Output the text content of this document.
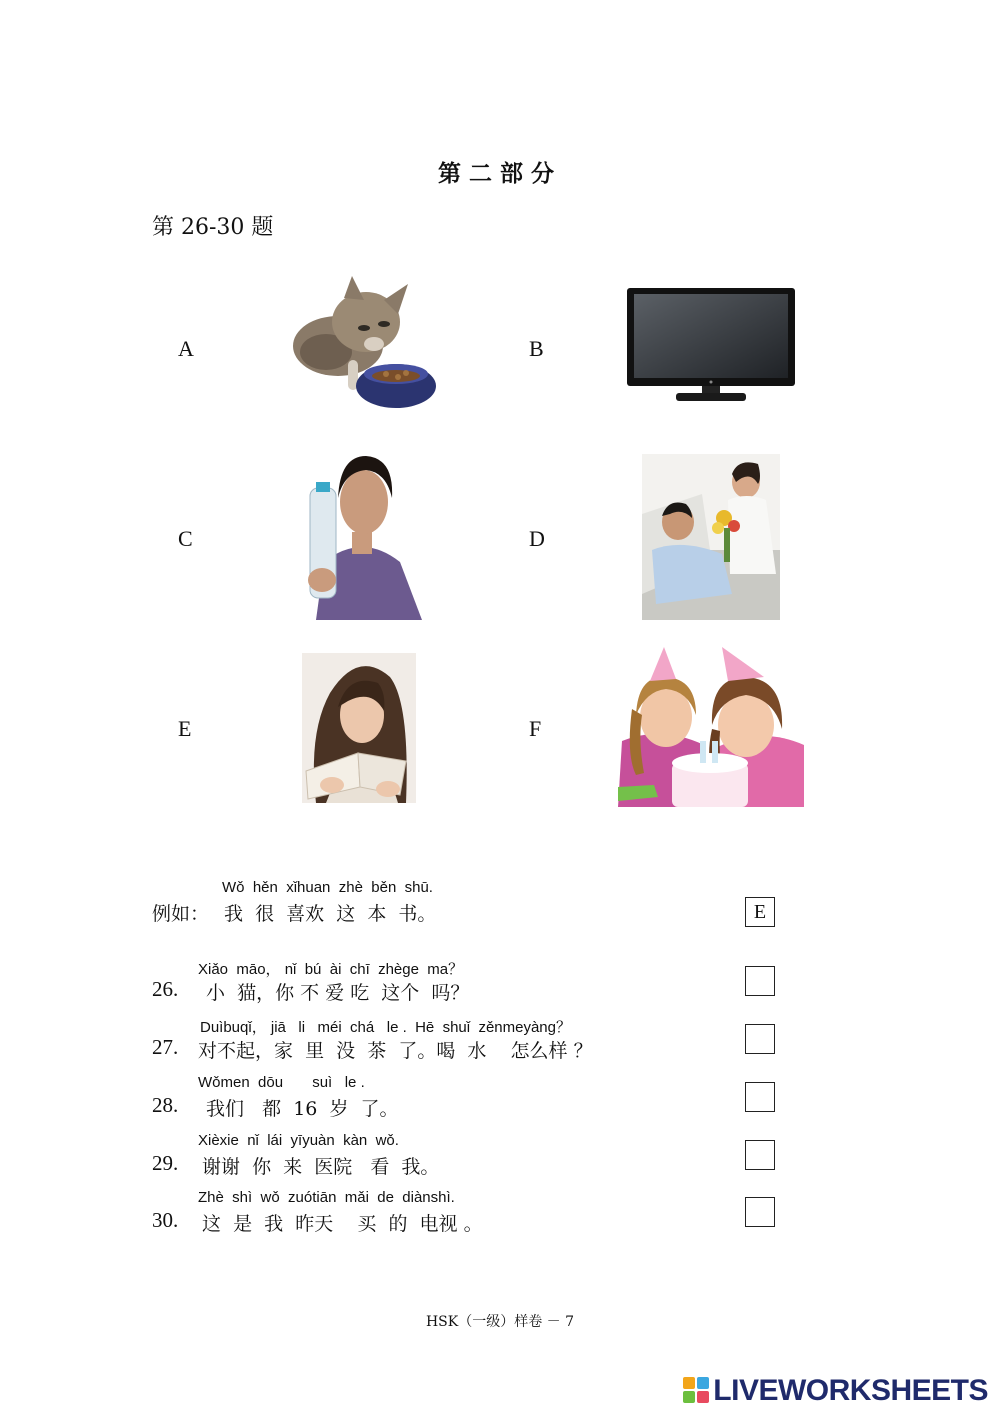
第二部分
第 26-30 题
A	B
C	D
E	F
Wǒ  hěn  xǐhuan  zhè  běn  shū.
例如： 我  很  喜欢  这  本  书。	E
Xiǎo  māo， nǐ  bú  ài  chī  zhège  ma？
26. 小  猫，你 不 爱 吃  这个  吗？
Duìbuqǐ， jiā   li   méi  chá   le .  Hē  shuǐ  zěnmeyàng？
27. 对不起，家  里  没  茶  了。喝  水    怎么样 ？
Wǒmen  dōu       suì   le .
28. 我们   都  16  岁  了。
Xièxie  nǐ  lái  yīyuàn  kàn  wǒ.
29. 谢谢  你  来  医院   看  我。
Zhè  shì  wǒ  zuótiān  mǎi  de  diànshì.
30. 这  是  我  昨天    买  的  电视 。
HSK（一级）样卷 － 7
LIVEWORKSHEETS
